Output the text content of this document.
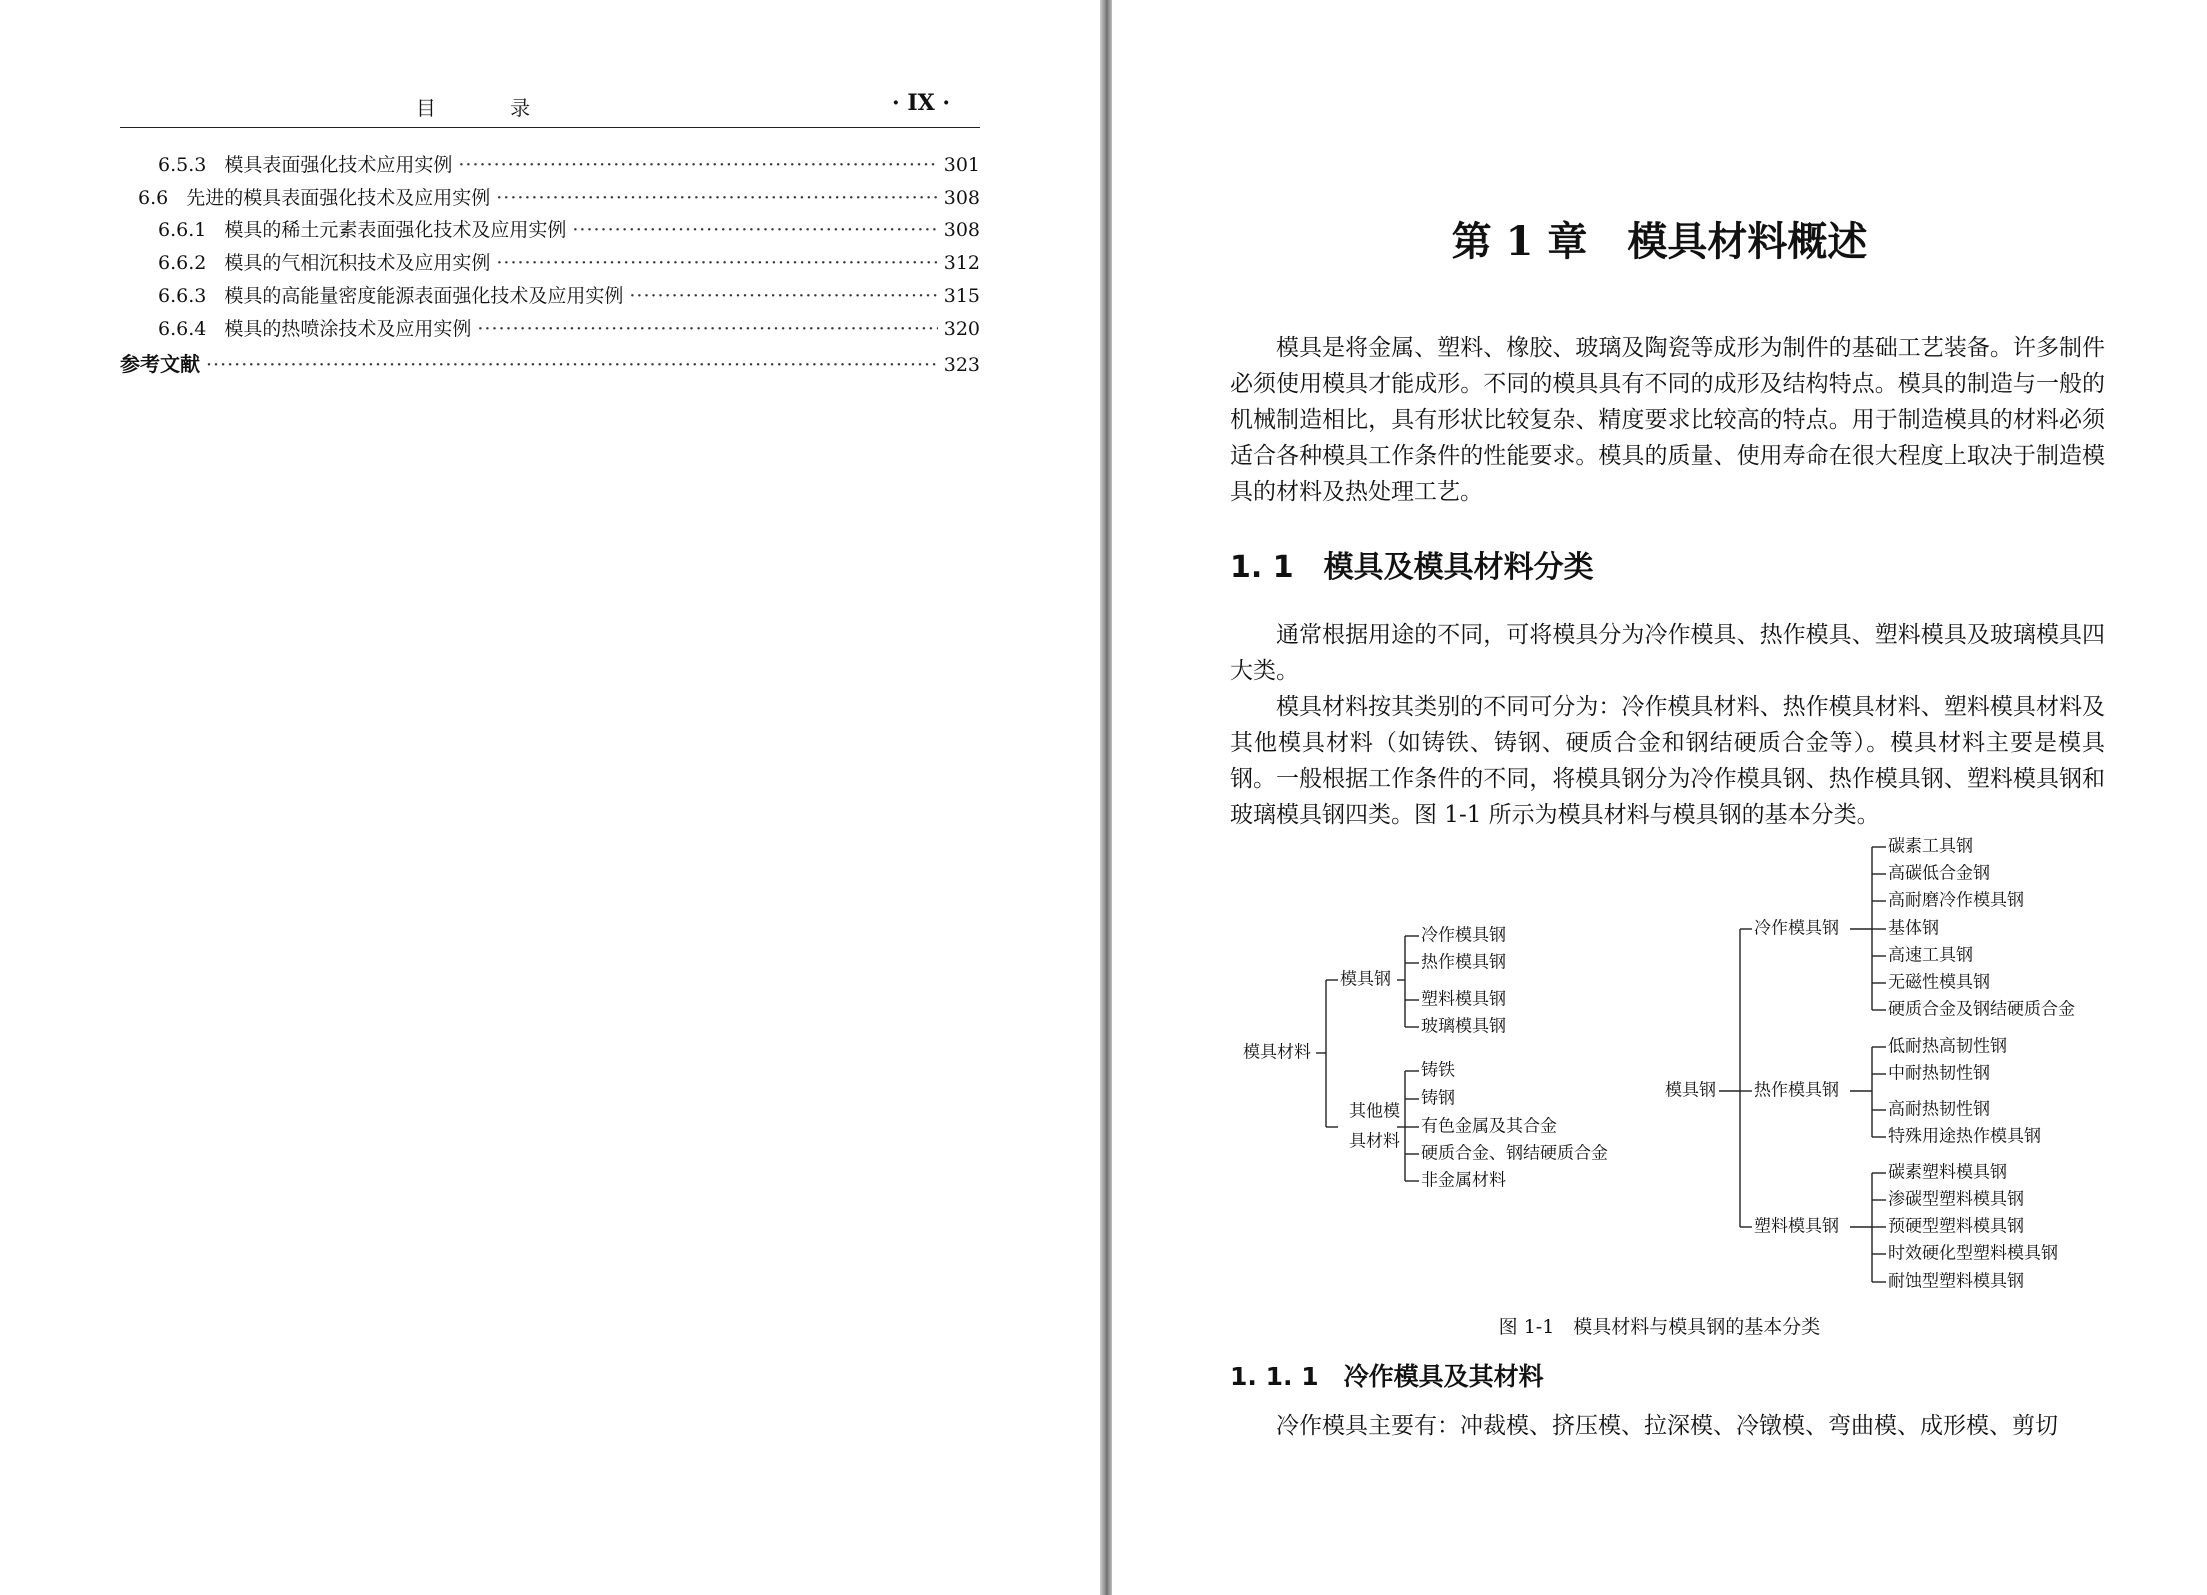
目 录	· IX ·
6.5.3 模具表面强化技术应用实例 ·····	301
6.6 先进的模具表面强化技术及应用实例 ·····	308
6.6.1 模具的稀土元素表面强化技术及应用实例 ·····	308
6.6.2 模具的气相沉积技术及应用实例 ·····	312
6.6.3 模具的高能量密度能源表面强化技术及应用实例 ·····	315
6.6.4 模具的热喷涂技术及应用实例 ·····	320
参考文献 ·····	323
第 1 章　模具材料概述
模具是将金属、塑料、橡胶、玻璃及陶瓷等成形为制件的基础工艺装备。许多制件必须使用模具才能成形。不同的模具具有不同的成形及结构特点。模具的制造与一般的机械制造相比，具有形状比较复杂、精度要求比较高的特点。用于制造模具的材料必须适合各种模具工作条件的性能要求。模具的质量、使用寿命在很大程度上取决于制造模具的材料及热处理工艺。
1. 1　模具及模具材料分类
通常根据用途的不同，可将模具分为冷作模具、热作模具、塑料模具及玻璃模具四大类。
模具材料按其类别的不同可分为：冷作模具材料、热作模具材料、塑料模具材料及其他模具材料（如铸铁、铸钢、硬质合金和钢结硬质合金等）。模具材料主要是模具钢。一般根据工作条件的不同，将模具钢分为冷作模具钢、热作模具钢、塑料模具钢和玻璃模具钢四类。图 1-1 所示为模具材料与模具钢的基本分类。
模具材料
模具钢
冷作模具钢
热作模具钢
塑料模具钢
玻璃模具钢
其他模
具材料
铸铁
铸钢
有色金属及其合金
硬质合金、钢结硬质合金
非金属材料
模具钢
冷作模具钢
碳素工具钢
高碳低合金钢
高耐磨冷作模具钢
基体钢
高速工具钢
无磁性模具钢
硬质合金及钢结硬质合金
热作模具钢
低耐热高韧性钢
中耐热韧性钢
高耐热韧性钢
特殊用途热作模具钢
塑料模具钢
碳素塑料模具钢
渗碳型塑料模具钢
预硬型塑料模具钢
时效硬化型塑料模具钢
耐蚀型塑料模具钢
图 1-1　模具材料与模具钢的基本分类
1. 1. 1　冷作模具及其材料
冷作模具主要有：冲裁模、挤压模、拉深模、冷镦模、弯曲模、成形模、剪切
